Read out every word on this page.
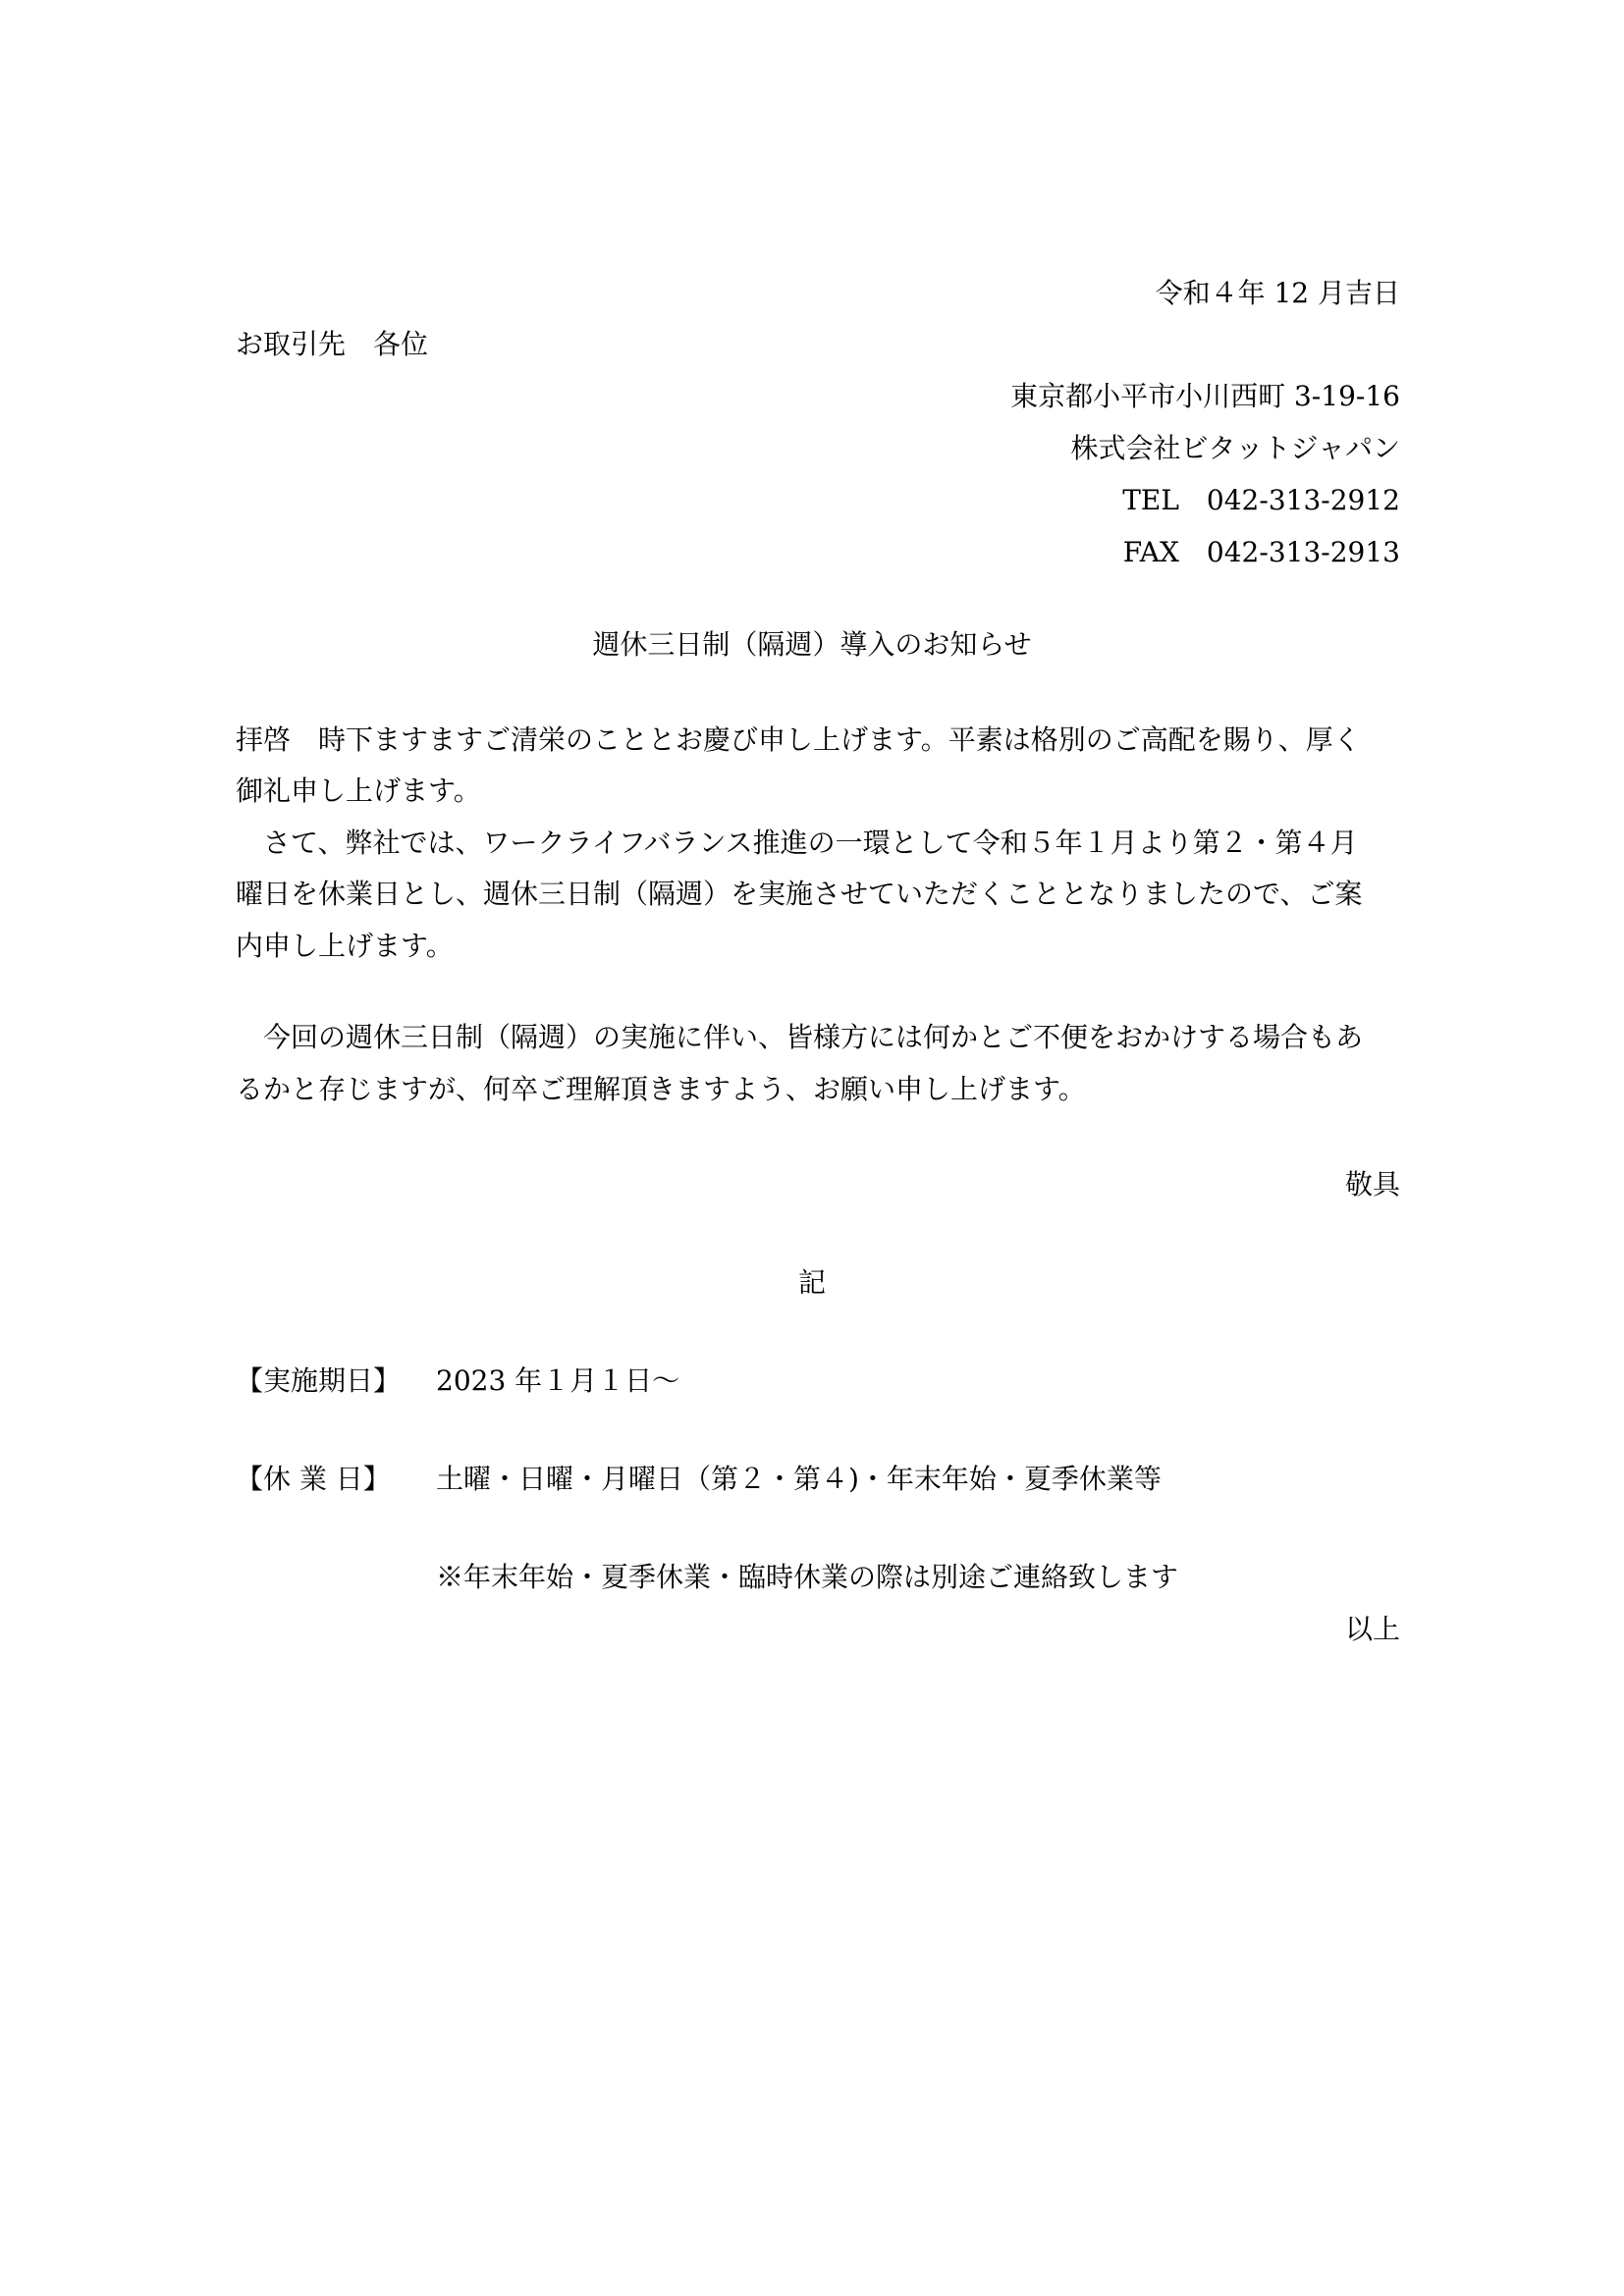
令和４年 12 月吉日
お取引先　各位
東京都小平市小川西町 3-19-16
株式会社ビタットジャパン
TEL　042-313-2912
FAX　042-313-2913
週休三日制（隔週）導入のお知らせ
拝啓　時下ますますご清栄のこととお慶び申し上げます。平素は格別のご高配を賜り、厚く
御礼申し上げます。
　さて、弊社では、ワークライフバランス推進の一環として令和５年１月より第２・第４月
曜日を休業日とし、週休三日制（隔週）を実施させていただくこととなりましたので、ご案
内申し上げます。
　今回の週休三日制（隔週）の実施に伴い、皆様方には何かとご不便をおかけする場合もあ
るかと存じますが、何卒ご理解頂きますよう、お願い申し上げます。
敬具
記
【実施期日】 2023 年１月１日〜
【休 業 日】 土曜・日曜・月曜日（第２・第４)・年末年始・夏季休業等
※年末年始・夏季休業・臨時休業の際は別途ご連絡致します
以上
